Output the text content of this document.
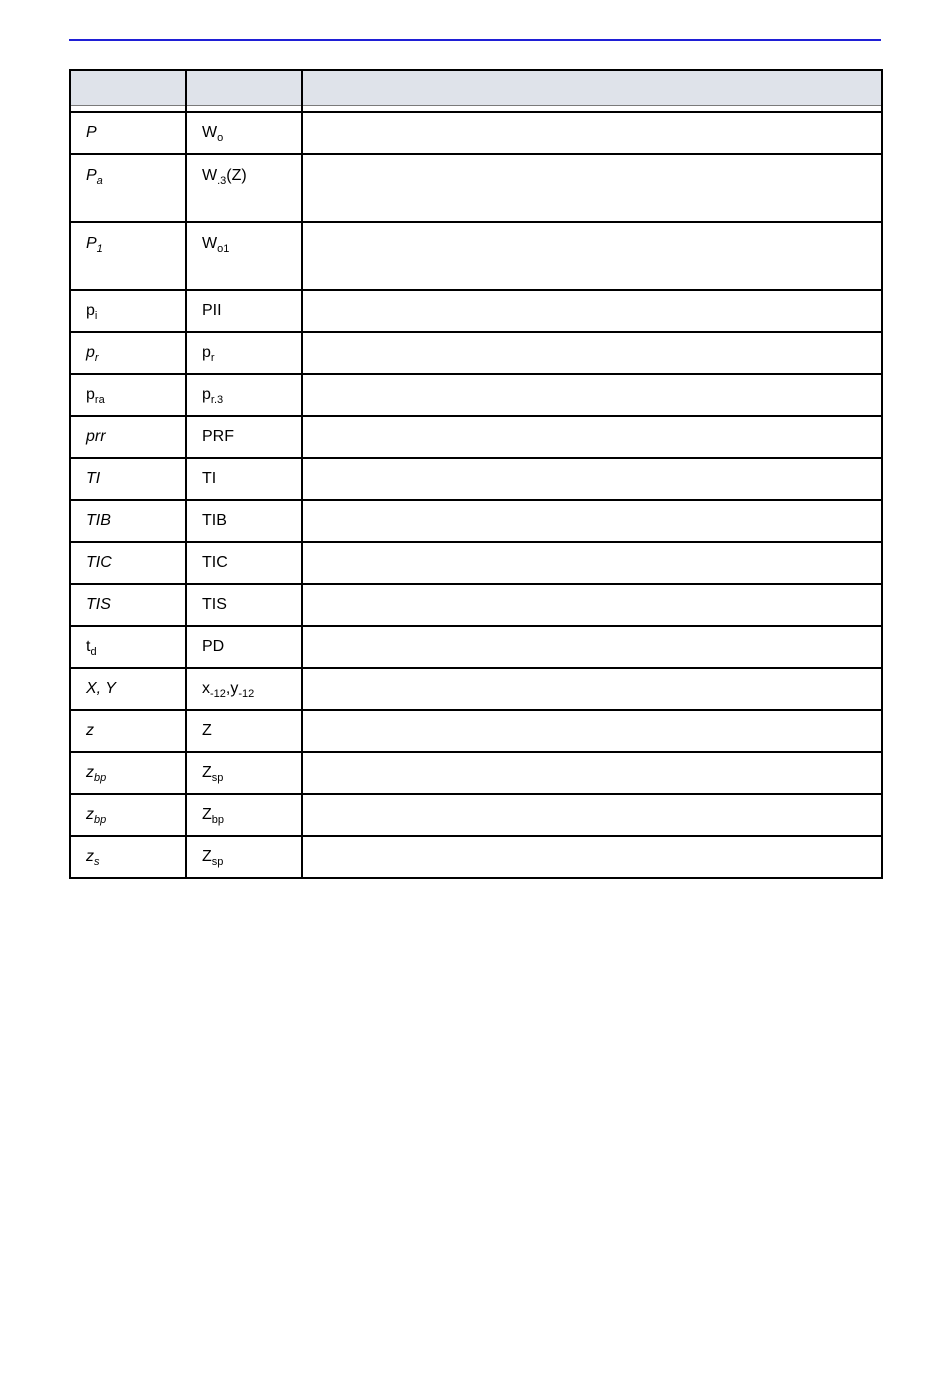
P	$W_o$	
$P_a$	$W_{.3}(Z)$	
$P_1$	$W_{o1}$	
$p_i$	PII	
$p_r$	$p_r$	
$p_{ra}$	$p_{r.3}$	
prr	PRF	
TI	TI	
TIB	TIB	
TIC	TIC	
TIS	TIS	
$t_d$	PD	
X, Y	$x_{-12},y_{-12}$	
z	Z	
$z_{bp}$	$Z_{sp}$	
$z_{bp}$	$Z_{bp}$	
$z_s$	$Z_{sp}$	
